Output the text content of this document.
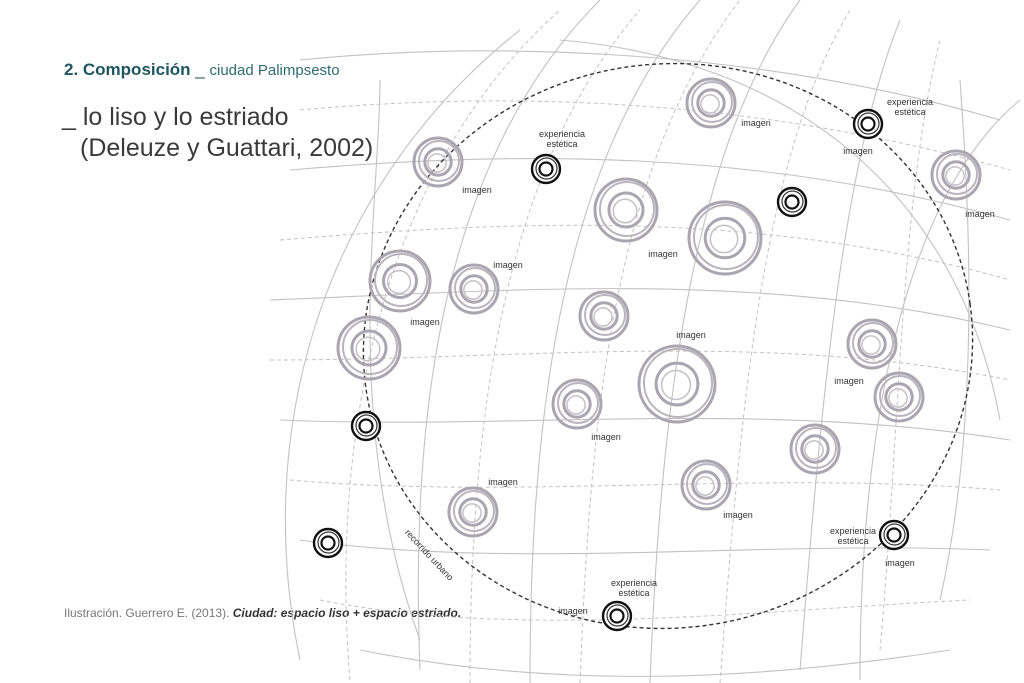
2. Composición _ ciudad Palimpsesto
_ lo liso y lo estriado
(Deleuze y Guattari, 2002)
Ilustración. Guerrero E. (2013). Ciudad: espacio liso + espacio estriado.
imagen
imagen
imagen
imagen
imagen
imagen
imagen
imagen
imagen
imagen
imagen
imagen
imagen
imagen
experiencia
estética
experiencia
estética
experiencia
estética
experiencia
estética
recorrido urbano
